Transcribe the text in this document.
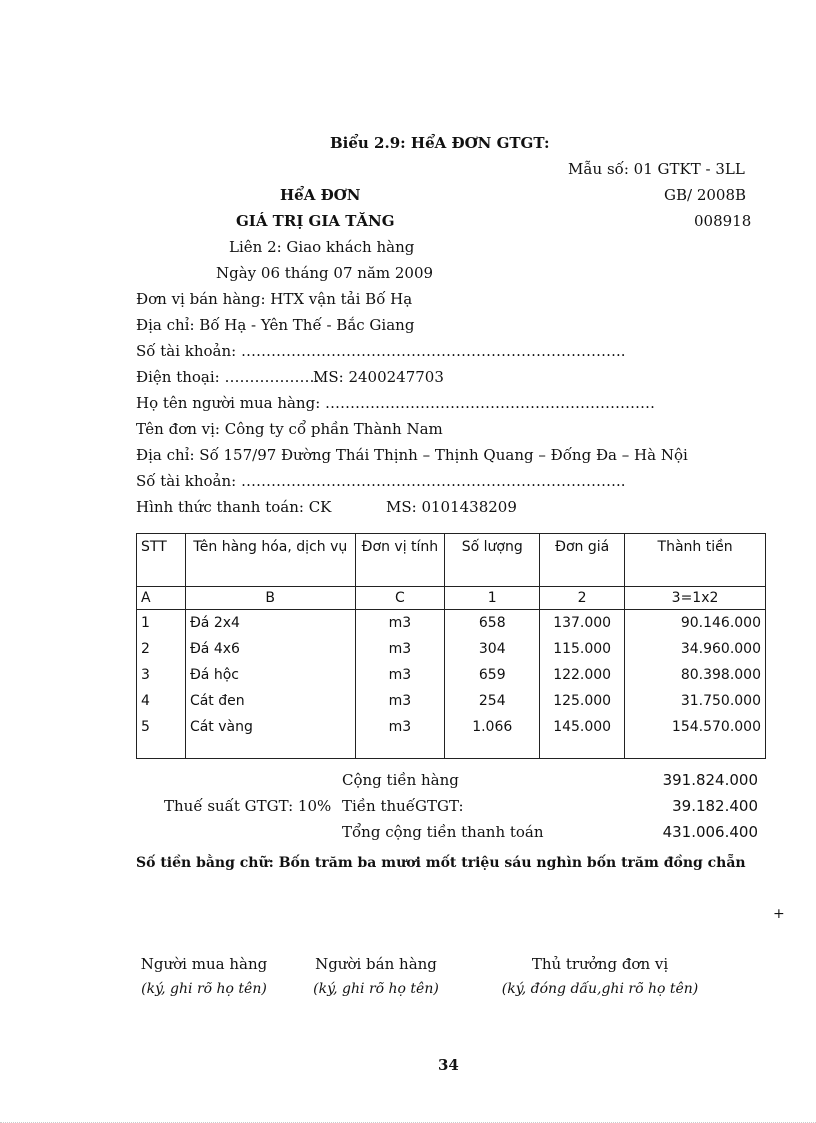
Biểu 2.9: HểA ĐƠN GTGT:
Mẫu số: 01 GTKT - 3LL
HểA ĐƠN	GB/ 2008B
GIÁ TRỊ GIA TĂNG	008918
Liên 2: Giao khách hàng
Ngày 06 tháng 07 năm 2009
Đơn vị bán hàng: HTX vận tải Bố Hạ
Địa chỉ: Bố Hạ - Yên Thế - Bắc Giang
Số tài khoản: …………………………………………………………………..
Điện thoại: ………………..
MS: 2400247703
Họ tên người mua hàng: …………………………………………………………
Tên đơn vị: Công ty cổ phần Thành Nam
Địa chỉ: Số 157/97 Đường Thái Thịnh – Thịnh Quang – Đống Đa – Hà Nội
Số tài khoản: …………………………………………………………………..
Hình thức thanh toán: CK	MS: 0101438209
STT	Tên hàng hóa, dịch vụ	Đơn vị tính	Số lượng	Đơn giá	Thành tiền
A	B	C	1	2	3=1x2
1	Đá 2x4	m3	658	137.000	90.146.000
2	Đá 4x6	m3	304	115.000	34.960.000
3	Đá hộc	m3	659	122.000	80.398.000
4	Cát đen	m3	254	125.000	31.750.000
5	Cát vàng	m3	1.066	145.000	154.570.000
Cộng tiền hàng	391.824.000
Thuế suất GTGT: 10% Tiền thuếGTGT:	39.182.400
Tổng cộng tiền thanh toán	431.006.400
Số tiền bằng chữ: Bốn trăm ba mươi mốt triệu sáu nghìn bốn trăm đồng chẵn
+
Người mua hàng
(ký, ghi rõ họ tên)
Người bán hàng
(ký, ghi rõ họ tên)
Thủ trưởng đơn vị
(ký, đóng dấu,ghi rõ họ tên)
34
